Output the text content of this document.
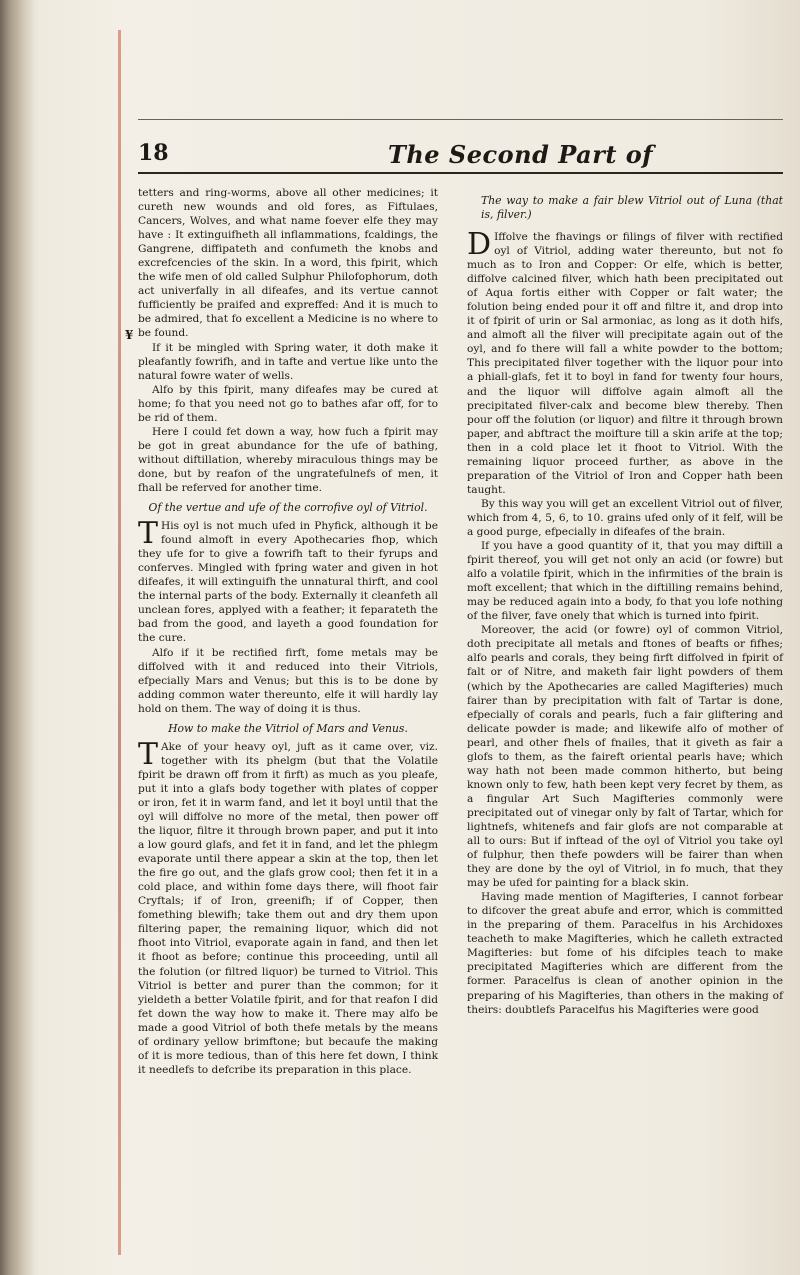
18	The Second Part of
¥

tetters and ring-worms, above all other medicines; it cureth new wounds and old fores, as Fiftulaes, Cancers, Wolves, and what name foever elfe they may have : It extinguifheth all inflammations, fcaldings, the Gangrene, diffipateth and confumeth the knobs and excrefcencies of the skin. In a word, this fpirit, which the wife men of old called Sulphur Philofophorum, doth act univerfally in all difeafes, and its vertue cannot fufficiently be praifed and expreffed: And it is much to be admired, that fo excellent a Medicine is no where to be found.

If it be mingled with Spring water, it doth make it pleafantly fowrifh, and in tafte and vertue like unto the natural fowre water of wells.

Alfo by this fpirit, many difeafes may be cured at home; fo that you need not go to bathes afar off, for to be rid of them.

Here I could fet down a way, how fuch a fpirit may be got in great abundance for the ufe of bathing, without diftillation, whereby miraculous things may be done, but by reafon of the ungratefulnefs of men, it fhall be referved for another time.

Of the vertue and ufe of the corrofive oyl of Vitriol.

T His oyl is not much ufed in Phyfick, although it be found almoft in every Apothecaries fhop, which they ufe for to give a fowrifh taft to their fyrups and conferves. Mingled with fpring water and given in hot difeafes, it will extinguifh the unnatural thirft, and cool the internal parts of the body. Externally it cleanfeth all unclean fores, applyed with a feather; it feparateth the bad from the good, and layeth a good foundation for the cure.

Alfo if it be rectified firft, fome metals may be diffolved with it and reduced into their Vitriols, efpecially Mars and Venus; but this is to be done by adding common water thereunto, elfe it will hardly lay hold on them. The way of doing it is thus.

How to make the Vitriol of Mars and Venus.

T Ake of your heavy oyl, juft as it came over, viz. together with its phelgm (but that the Volatile fpirit be drawn off from it firft) as much as you pleafe, put it into a glafs body together with plates of copper or iron, fet it in warm fand, and let it boyl until that the oyl will diffolve no more of the metal, then power off the liquor, filtre it through brown paper, and put it into a low gourd glafs, and fet it in fand, and let the phlegm evaporate until there appear a skin at the top, then let the fire go out, and the glafs grow cool; then fet it in a cold place, and within fome days there, will fhoot fair Cryftals; if of Iron, greenifh; if of Copper, then fomething blewifh; take them out and dry them upon filtering paper, the remaining liquor, which did not fhoot into Vitriol, evaporate again in fand, and then let it fhoot as before; continue this proceeding, until all the folution (or filtred liquor) be turned to Vitriol. This Vitriol is better and purer than the common; for it yieldeth a better Volatile fpirit, and for that reafon I did fet down the way how to make it. There may alfo be made a good Vitriol of both thefe metals by the means of ordinary yellow brimftone; but becaufe the making of it is more tedious, than of this here fet down, I think it needlefs to defcribe its preparation in this place.

The way to make a fair blew Vitriol out of Luna (that is, filver.)

D Iffolve the fhavings or filings of filver with rectified oyl of Vitriol, adding water thereunto, but not fo much as to Iron and Copper: Or elfe, which is better, diffolve calcined filver, which hath been precipitated out of Aqua fortis either with Copper or falt water; the folution being ended pour it off and filtre it, and drop into it of fpirit of urin or Sal armoniac, as long as it doth hifs, and almoft all the filver will precipitate again out of the oyl, and fo there will fall a white powder to the bottom; This precipitated filver together with the liquor pour into a phiall-glafs, fet it to boyl in fand for twenty four hours, and the liquor will diffolve again almoft all the precipitated filver-calx and become blew thereby. Then pour off the folution (or liquor) and filtre it through brown paper, and abftract the moifture till a skin arife at the top; then in a cold place let it fhoot to Vitriol. With the remaining liquor proceed further, as above in the preparation of the Vitriol of Iron and Copper hath been taught.

By this way you will get an excellent Vitriol out of filver, which from 4, 5, 6, to 10. grains ufed only of it felf, will be a good purge, efpecially in difeafes of the brain.

If you have a good quantity of it, that you may diftill a fpirit thereof, you will get not only an acid (or fowre) but alfo a volatile fpirit, which in the infirmities of the brain is moft excellent; that which in the diftilling remains behind, may be reduced again into a body, fo that you lofe nothing of the filver, fave onely that which is turned into fpirit.

Moreover, the acid (or fowre) oyl of common Vitriol, doth precipitate all metals and ftones of beafts or fifhes; alfo pearls and corals, they being firft diffolved in fpirit of falt or of Nitre, and maketh fair light powders of them (which by the Apothecaries are called Magifteries) much fairer than by precipitation with falt of Tartar is done, efpecially of corals and pearls, fuch a fair gliftering and delicate powder is made; and likewife alfo of mother of pearl, and other fhels of fnailes, that it giveth as fair a glofs to them, as the faireft oriental pearls have; which way hath not been made common hitherto, but being known only to few, hath been kept very fecret by them, as a fingular Art Such Magifteries commonly were precipitated out of vinegar only by falt of Tartar, which for lightnefs, whitenefs and fair glofs are not comparable at all to ours: But if inftead of the oyl of Vitriol you take oyl of fulphur, then thefe powders will be fairer than when they are done by the oyl of Vitriol, in fo much, that they may be ufed for painting for a black skin.

Having made mention of Magifteries, I cannot forbear to difcover the great abufe and error, which is committed in the preparing of them. Paracelfus in his Archidoxes teacheth to make Magifteries, which he calleth extracted Magifteries: but fome of his difciples teach to make precipitated Magifteries which are different from the former. Paracelfus is clean of another opinion in the preparing of his Magifteries, than others in the making of theirs: doubtlefs Paracelfus his Magifteries were good
